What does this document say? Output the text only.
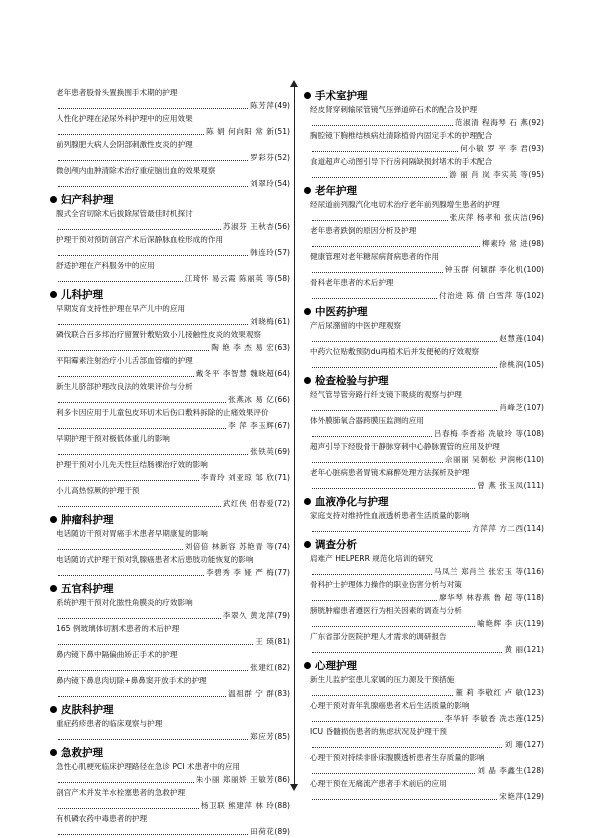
老年患者股骨头置换围手术期的护理
陈芳萍 (49)
人性化护理在泌尿外科护理中的应用效果
陈 娟 何向阳 常 新 (51)
前列腺肥大病人会阴部刺激性皮炎的护理
罗彩芬 (52)
微创颅内血肿清除术治疗重症脑出血的效果观察
刘翠玲 (54)
妇产科护理
腹式全宫切除术后拔除尿管最佳时机探讨
苏淑芬 王秋杏 (56)
护理干预对预防剖宫产术后深静脉血栓形成的作用
韩连玲 (57)
舒适护理在产科服务中的应用
江琦怀 易云霞 陈丽英 等 (58)
儿科护理
早期发育支持性护理在早产儿中的应用
刘晓梅 (61)
磷伐联合百多邦治疗留置针敷贴致小儿接触性皮炎的效果观察
陶 艳 李 杰 易 宏 (63)
平阳霉素注射治疗小儿舌部血管瘤的护理
戴冬平 李智慧 魏晓超 (64)
新生儿脐部护理改良法的效果评价与分析
张燕冰 易 亿 (66)
利多卡因应用于儿童包皮环切术后伤口敷料拆除的止痛效果评价
李 萍 李玉辉 (67)
早期护理干预对极低体重儿的影响
张铁英 (69)
护理干预对小儿先天性巨结肠裸治疗效的影响
李青玲 刘亚琼 邹 欣 (71)
小儿高热惊厥的护理干预
武红侠 佀春爱 (72)
肿瘤科护理
电话随访干预对胃癌手术患者早期康复的影响
刘倍倍 林新容 苏艳青 等 (74)
电话随访式护理干预对乳腺癌患者术后患肢功能恢复的影响
李碧秀 李 娅 严 梅 (77)
五官科护理
系统护理干预对化脓性角膜炎的疗效影响
李翠久 黄龙萍 (79)
165 例玻璃体切割术患者的术后护理
王 瑛 (81)
鼻内镜下鼻中隔偏曲矫正手术的护理
张建红 (82)
鼻内镜下鼻息肉切除+鼻鼻窦开放手术的护理
温祖群 宁 群 (83)
皮肤科护理
重症药疹患者的临床观察与护理
郑应芳 (85)
急救护理
急性心肌梗死临床护理路径在急诊 PCI 术患者中的应用
朱小丽 郑丽娇 王敏芳 (86)
剖宫产术并发羊水栓塞患者的急救护理
杨卫联 熊建萍 林 玲 (88)
有机磷农药中毒患者的护理
田荷花 (89)
手术室护理
经皮肾穿刺输尿管镜气压弹道碎石术的配合及护理
范淑清 程海琴 石 燕 (92)
胸腔镜下胸椎结核病灶清除植骨内固定手术的护理配合
何小敏 罗 平 李 君 (93)
食道超声心动图引导下行房间隔缺损封堵术的手术配合
游 丽 肖 岚 李实英 等 (95)
老年护理
经尿道前列腺汽化电切术治疗老年前列腺增生患者的护理
张庆萍 杨孝和 张庆洁 (96)
老年患者跌倒的原因分析及护理
柳素玲 常 进 (98)
健康管理对老年糖尿病肾病患者的作用
钟玉群 何颖群 李化机 (100)
骨科老年患者的术后护理
付治进 陈 倩 白雪萍 等 (102)
中医药护理
产后尿潴留的中医护理观察
赵慧莲 (104)
中药穴位贴敷预防du再植术后并发便秘的疗效观察
徐桃润 (105)
检查检验与护理
经气管导管旁路行纤支镜下吸痰的观察与护理
肖峰芝 (107)
体外膜肺氧合器跨膜压监测的应用
吕春梅 李香裕 冼敏玲 等 (108)
超声引导下经股骨干静脉穿刺中心静脉置管的应用及护理
佘丽丽 吴朝松 尹润彬 (110)
老年心脏病患者胃镜术麻醉处理方法探析及护理
曾 燕 张玉凤 (111)
血液净化与护理
家庭支持对维持性血液透析患者生活质量的影响
方萍萍 方二西 (114)
调查分析
肩难产 HELPERR 规范化培训的研究
马凤兰 郑肖兰 张宏玉 等 (116)
骨科护士护理体力操作的职业伤害分析与对策
廖华琴 林春燕 鲁 超 等 (118)
膀胱肿瘤患者遵医行为相关因素的调查与分析
喻艳辉 李 庆 (119)
广东省部分医院护理人才需求的调研报告
黄 丽 (121)
心理护理
新生儿监护室患儿家属的压力源及干预措施
董 莉 李敬红 卢 敏 (123)
心理干预对青年乳腺癌患者术后生活质量的影响
李华轩 李敏香 冼志莲 (125)
ICU 昏髓损伤患者的焦虑状况及护理干预
刘 珊 (127)
心理干预对持续非卧床腹膜透析患者生存质量的影响
刘 晶 李鑫生 (128)
心理干预在无痛流产患者手术前后的应用
宋艳萍 (129)
